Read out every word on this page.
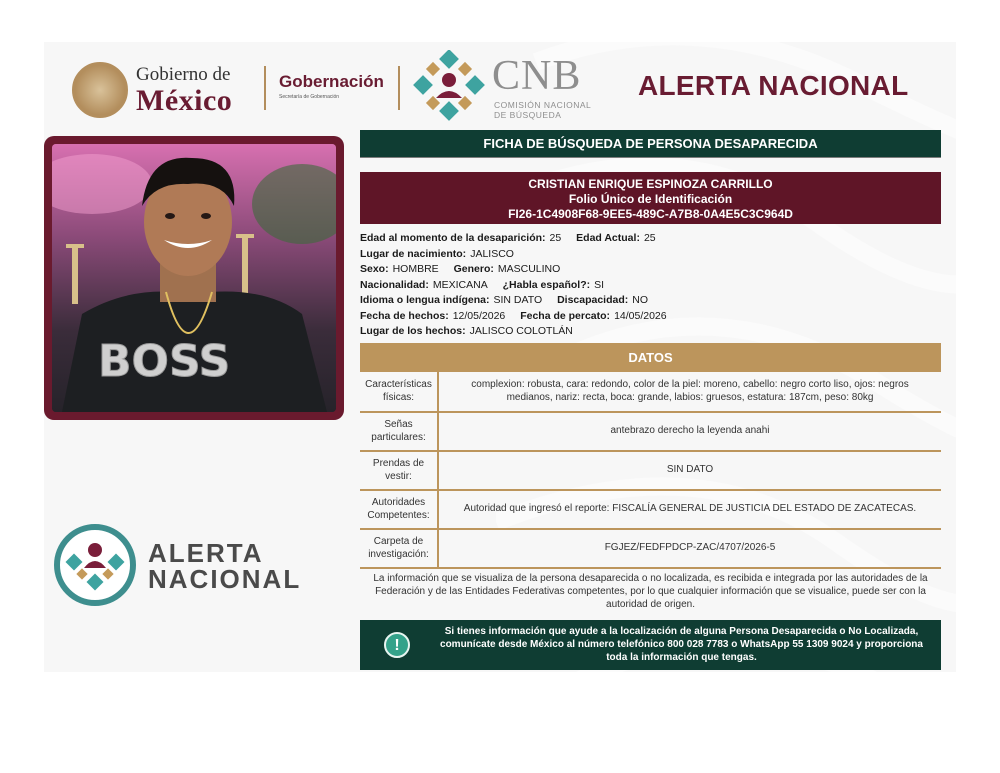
Gobierno de
México
Gobernación
Secretaría de Gobernación	CNB
COMISIÓN NACIONAL
DE BÚSQUEDA
ALERTA NACIONAL
BOSS
ALERTA
NACIONAL
FICHA DE BÚSQUEDA DE PERSONA DESAPARECIDA
CRISTIAN ENRIQUE ESPINOZA CARRILLO
Folio Único de Identificación
FI26-1C4908F68-9EE5-489C-A7B8-0A4E5C3C964D
Edad al momento de la desaparición: 25 Edad Actual: 25
Lugar de nacimiento: JALISCO
Sexo: HOMBRE Genero: MASCULINO
Nacionalidad: MEXICANA ¿Habla español?: SI
Idioma o lengua indígena: SIN DATO Discapacidad: NO
Fecha de hechos: 12/05/2026 Fecha de percato: 14/05/2026
Lugar de los hechos: JALISCO COLOTLÁN
DATOS
Características físicas:	complexion: robusta, cara: redondo, color de la piel: moreno, cabello: negro corto liso, ojos: negros medianos, nariz: recta, boca: grande, labios: gruesos, estatura: 187cm, peso: 80kg
Señas particulares:	antebrazo derecho la leyenda anahi
Prendas de vestir:	SIN DATO
Autoridades Competentes:	Autoridad que ingresó el reporte: FISCALÍA GENERAL DE JUSTICIA DEL ESTADO DE ZACATECAS.
Carpeta de investigación:	FGJEZ/FEDFPDCP-ZAC/4707/2026-5
La información que se visualiza de la persona desaparecida o no localizada, es recibida e integrada por las autoridades de la Federación y de las Entidades Federativas competentes, por lo que cualquier información que se visualice, puede ser con la autoridad de origen.
!
Si tienes información que ayude a la localización de alguna Persona Desaparecida o No Localizada, comunícate desde México al número telefónico 800 028 7783 o WhatsApp 55 1309 9024 y proporciona toda la información que tengas.
